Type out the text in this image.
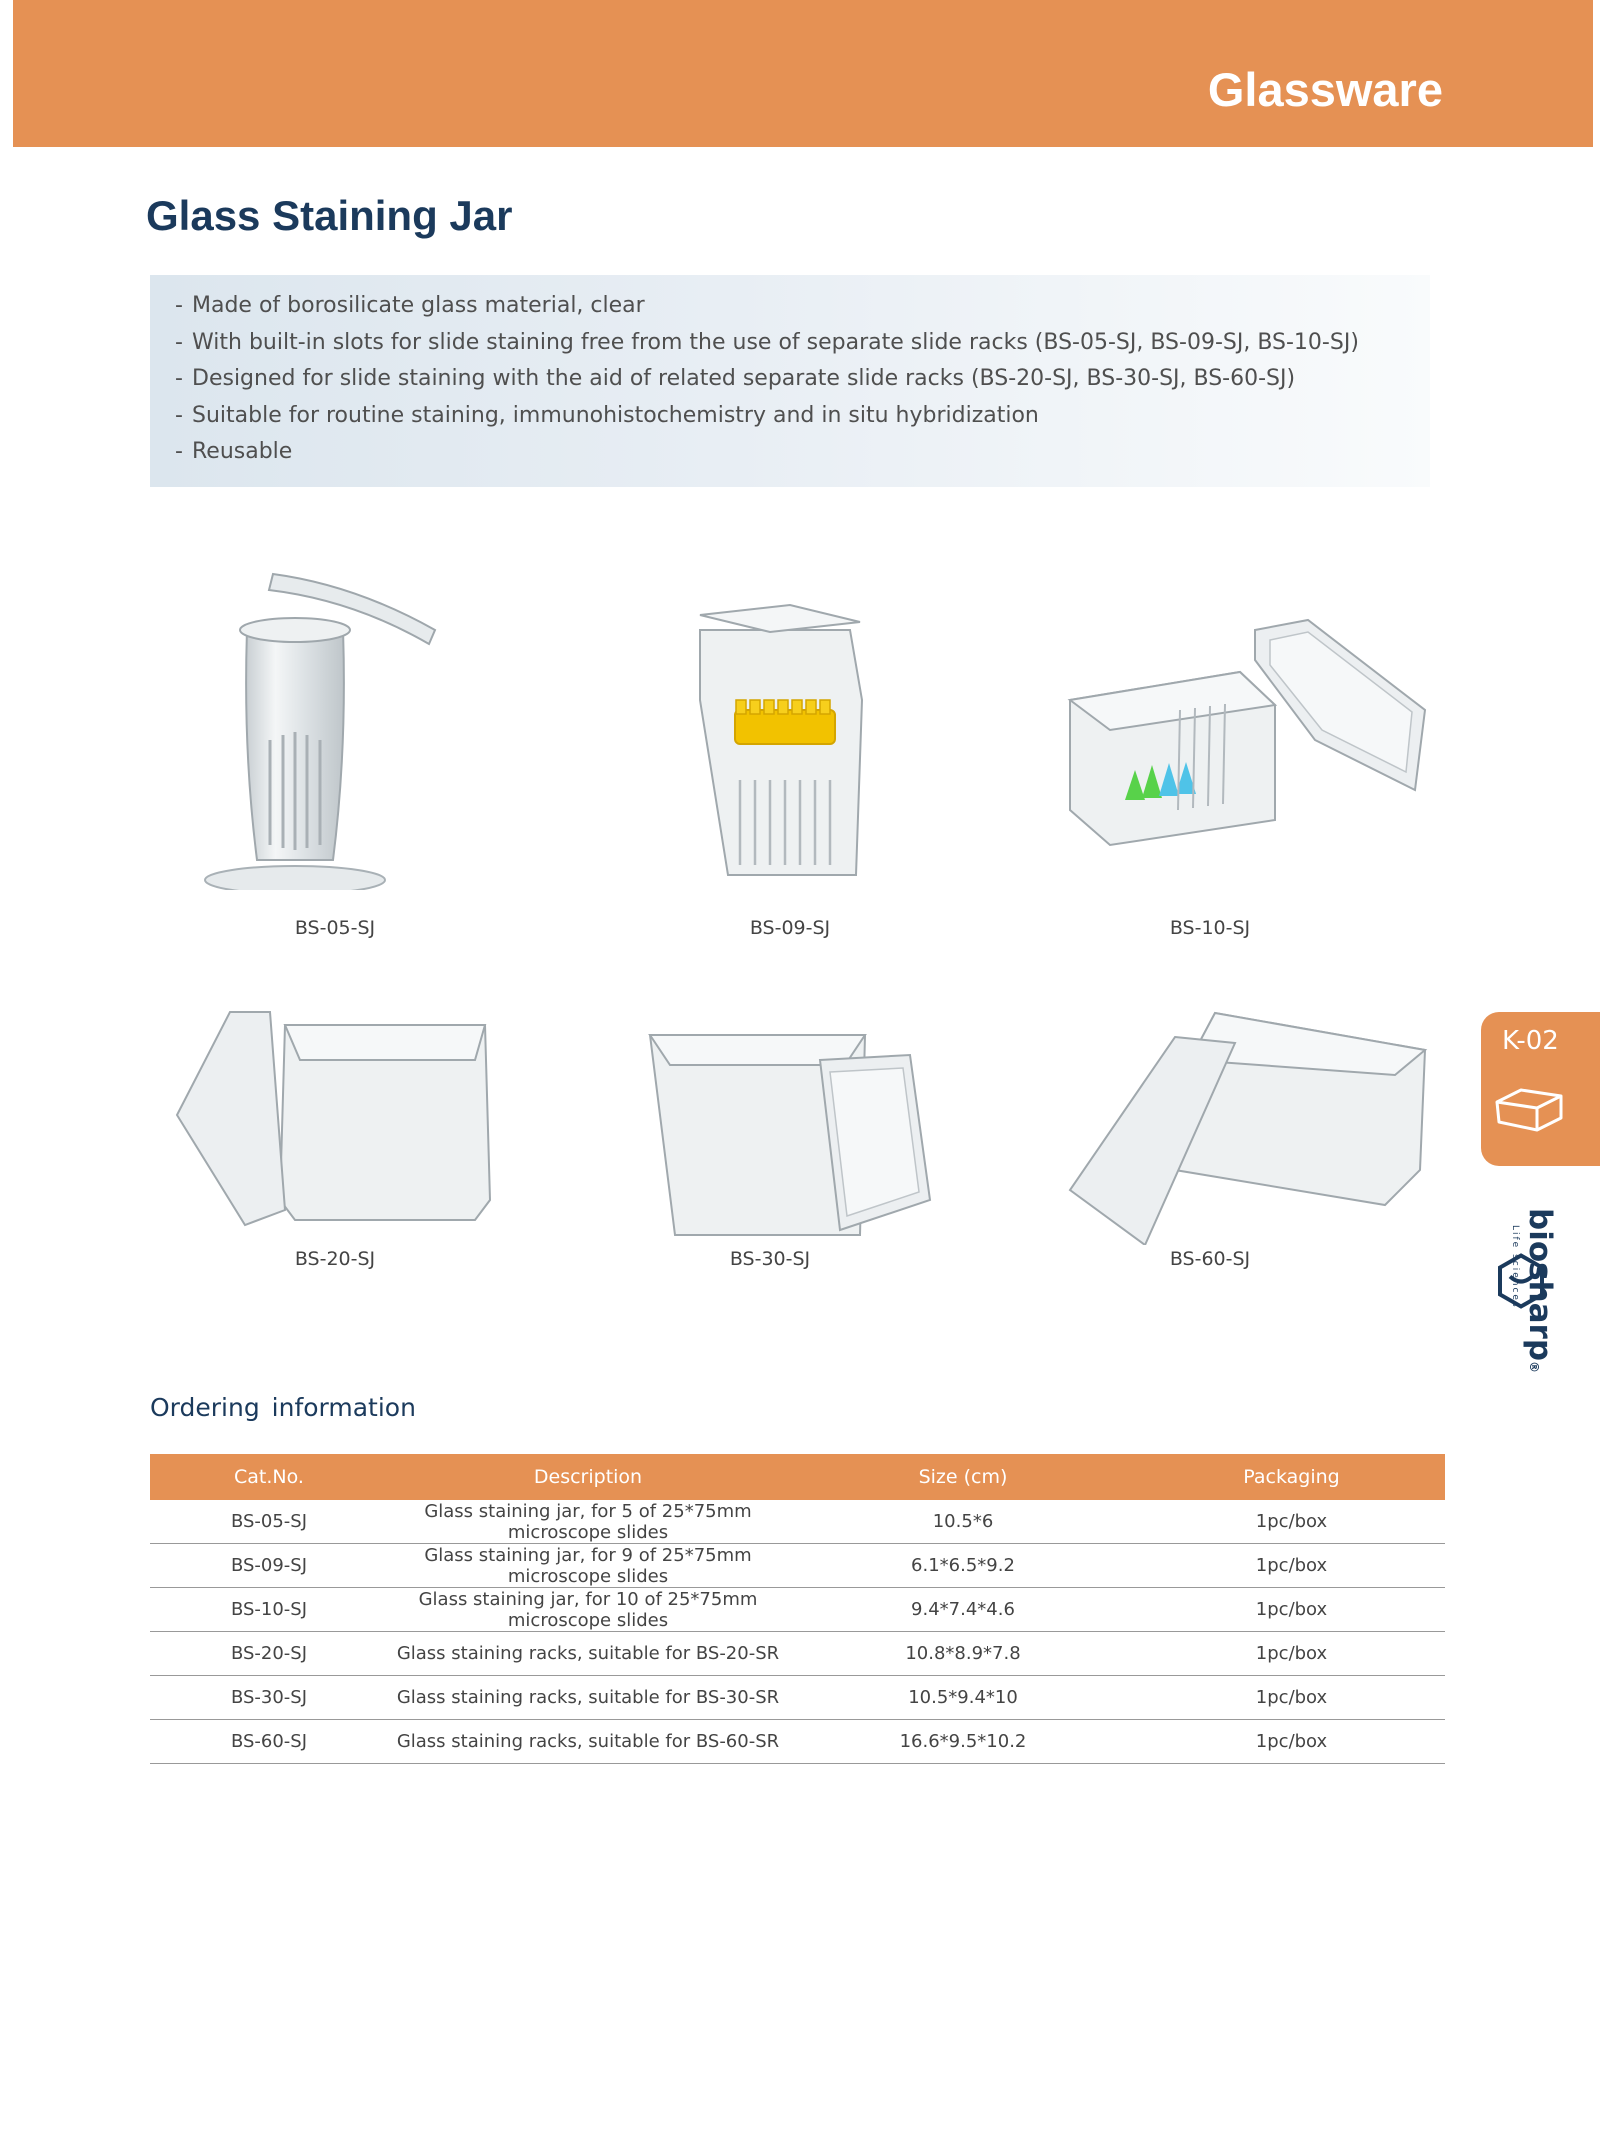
Glassware
Glass Staining Jar
- Made of borosilicate glass material, clear
- With built-in slots for slide staining free from the use of separate slide racks (BS-05-SJ, BS-09-SJ, BS-10-SJ)
- Designed for slide staining with the aid of related separate slide racks (BS-20-SJ, BS-30-SJ, BS-60-SJ)
- Suitable for routine staining, immunohistochemistry and in situ hybridization
- Reusable
BS-05-SJ	BS-09-SJ	BS-10-SJ
BS-20-SJ	BS-30-SJ	BS-60-SJ
K-02
biosharp®
Life sciences
Ordering information
Cat.No.	Description	Size (cm)	Packaging
BS-05-SJ	Glass staining jar, for 5 of 25*75mm microscope slides	10.5*6	1pc/box
BS-09-SJ	Glass staining jar, for 9 of 25*75mm microscope slides	6.1*6.5*9.2	1pc/box
BS-10-SJ	Glass staining jar, for 10 of 25*75mm microscope slides	9.4*7.4*4.6	1pc/box
BS-20-SJ	Glass staining racks, suitable for BS-20-SR	10.8*8.9*7.8	1pc/box
BS-30-SJ	Glass staining racks, suitable for BS-30-SR	10.5*9.4*10	1pc/box
BS-60-SJ	Glass staining racks, suitable for BS-60-SR	16.6*9.5*10.2	1pc/box
